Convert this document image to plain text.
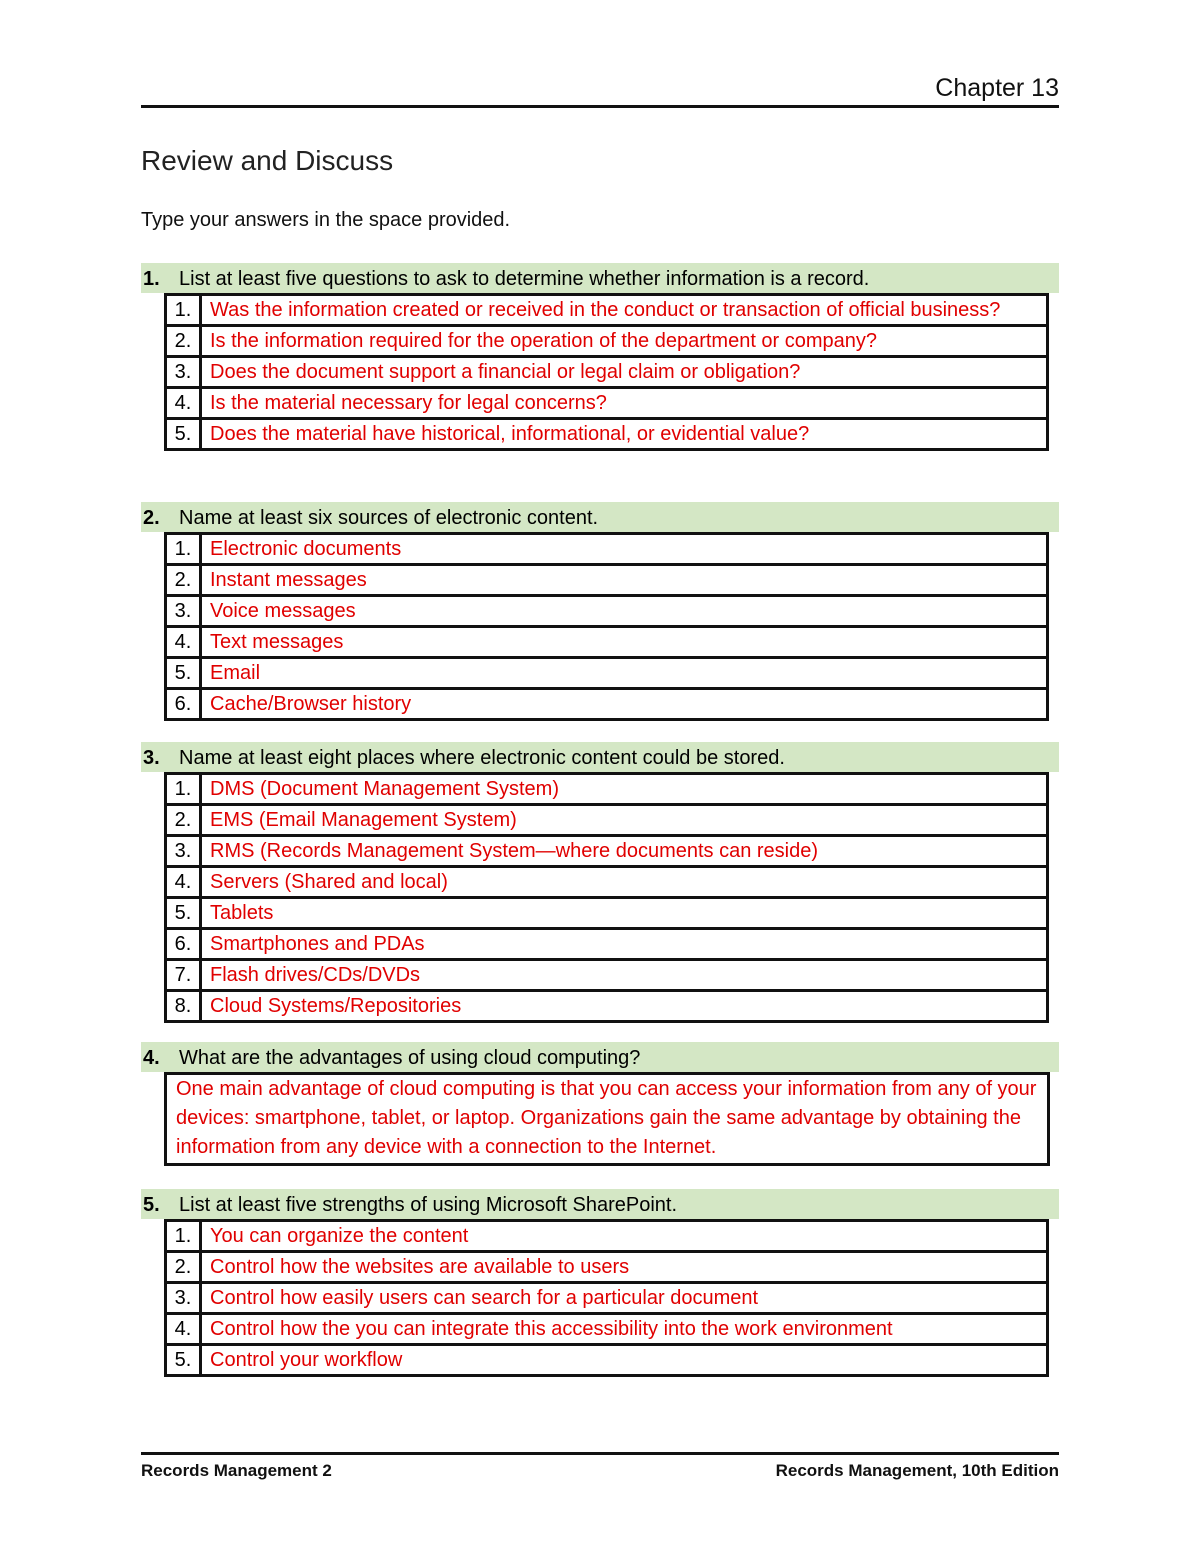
Chapter 13
Review and Discuss
Type your answers in the space provided.
1. List at least five questions to ask to determine whether information is a record.
1.	Was the information created or received in the conduct or transaction of official business?
2.	Is the information required for the operation of the department or company?
3.	Does the document support a financial or legal claim or obligation?
4.	Is the material necessary for legal concerns?
5.	Does the material have historical, informational, or evidential value?
2. Name at least six sources of electronic content.
1.	Electronic documents
2.	Instant messages
3.	Voice messages
4.	Text messages
5.	Email
6.	Cache/Browser history
3. Name at least eight places where electronic content could be stored.
1.	DMS (Document Management System)
2.	EMS (Email Management System)
3.	RMS (Records Management System—where documents can reside)
4.	Servers (Shared and local)
5.	Tablets
6.	Smartphones and PDAs
7.	Flash drives/CDs/DVDs
8.	Cloud Systems/Repositories
4. What are the advantages of using cloud computing?
One main advantage of cloud computing is that you can access your information from any of your devices: smartphone, tablet, or laptop. Organizations gain the same advantage by obtaining the information from any device with a connection to the Internet.
5. List at least five strengths of using Microsoft SharePoint.
1.	You can organize the content
2.	Control how the websites are available to users
3.	Control how easily users can search for a particular document
4.	Control how the you can integrate this accessibility into the work environment
5.	Control your workflow
Records Management 2	Records Management, 10th Edition
